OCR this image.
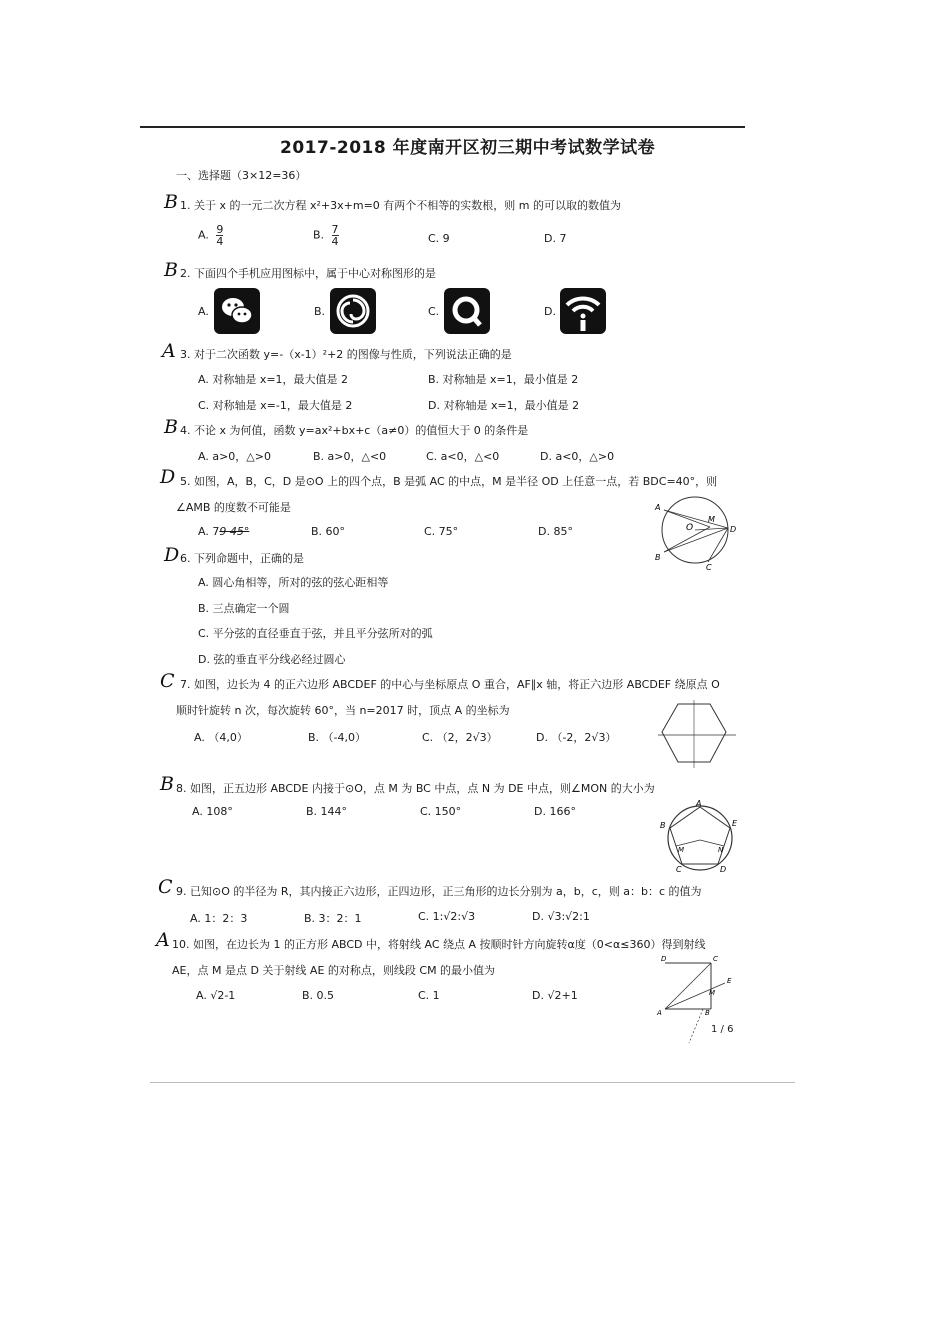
2017-2018 年度南开区初三期中考试数学试卷
一、选择题（3×12=36）
B 1. 关于 x 的一元二次方程 x²+3x+m=0 有两个不相等的实数根，则 m 的可以取的数值为
A. $\frac{9}{4}$	B. $\frac{7}{4}$	C. 9	D. 7
B 2. 下面四个手机应用图标中，属于中心对称图形的是
A.	B.	C.	D.
A 3. 对于二次函数 y=-（x-1）²+2 的图像与性质，下列说法正确的是
A. 对称轴是 x=1，最大值是 2	B. 对称轴是 x=1，最小值是 2
C. 对称轴是 x=-1，最大值是 2	D. 对称轴是 x=1，最小值是 2
B 4. 不论 x 为何值，函数 y=ax²+bx+c（a≠0）的值恒大于 0 的条件是
A. a>0，△>0	B. a>0，△<0	C. a<0，△<0	D. a<0，△>0
D 5. 如图，A，B，C，D 是⊙O 上的四个点，B 是弧 AC 的中点，M 是半径 OD 上任意一点，若 BDC=40°，则
∠AMB 的度数不可能是
A. 79 45°	B. 60°	C. 75°	D. 85°
A
B
O
M
D
C
D 6. 下列命题中，正确的是
A. 圆心角相等，所对的弦的弦心距相等
B. 三点确定一个圆
C. 平分弦的直径垂直于弦，并且平分弦所对的弧
D. 弦的垂直平分线必经过圆心
C 7. 如图，边长为 4 的正六边形 ABCDEF 的中心与坐标原点 O 重合，AF∥x 轴，将正六边形 ABCDEF 绕原点 O
顺时针旋转 n 次，每次旋转 60°，当 n=2017 时，顶点 A 的坐标为
A. （4,0）	B. （-4,0）	C. （2，2√3）	D. （-2，2√3）
B 8. 如图，正五边形 ABCDE 内接于⊙O，点 M 为 BC 中点，点 N 为 DE 中点，则∠MON 的大小为
A. 108°	B. 144°	C. 150°	D. 166°
A
B	E
M	N
C	D
C 9. 已知⊙O 的半径为 R，其内接正六边形，正四边形，正三角形的边长分别为 a，b，c，则 a：b：c 的值为
A. 1：2：3	B. 3：2：1	C. 1:√2:√3	D. √3:√2:1
A 10. 如图，在边长为 1 的正方形 ABCD 中，将射线 AC 绕点 A 按顺时针方向旋转α度（0<α≤360）得到射线
AE，点 M 是点 D 关于射线 AE 的对称点，则线段 CM 的最小值为
A. √2-1	B. 0.5	C. 1	D. √2+1
D	C
E
M
A	B
1 / 6
